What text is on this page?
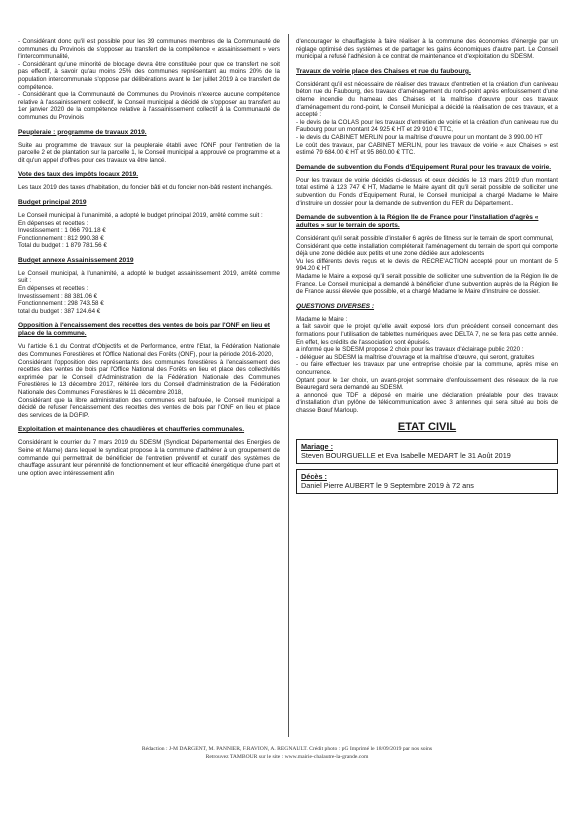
- Considérant donc qu'il est possible pour les 39 communes membres de la Communauté de communes du Provinois de s'opposer au transfert de la compétence « assainissement » vers l'intercommunalité,
- Considérant qu'une minorité de blocage devra être constituée pour que ce transfert ne soit pas effectif, à savoir qu'au moins 25% des communes représentant au moins 20% de la population intercommunale s'oppose par délibérations avant le 1er juillet 2019 à ce transfert de compétence.
- Considérant que la Communauté de Communes du Provinois n'exerce aucune compétence relative à l'assainissement collectif, le Conseil municipal a décidé de s'opposer au transfert au 1er janvier 2020 de la compétence relative à l'assainissement collectif à la Communauté de communes du Provinois

Peupleraie : programme de travaux 2019.

Suite au programme de travaux sur la peupleraie établi avec l'ONF pour l'entretien de la parcelle 2 et de plantation sur la parcelle 1, le Conseil municipal a approuvé ce programme et a dit qu'un appel d'offres pour ces travaux va être lancé.

Vote des taux des impôts locaux 2019.

Les taux 2019 des taxes d'habitation, du foncier bâti et du foncier non-bâti restent inchangés.

Budget principal 2019

Le Conseil municipal à l'unanimité, a adopté le budget principal 2019, arrêté comme suit :
En dépenses et recettes :
Investissement : 1 066 791.18 €
Fonctionnement : 812 990.38 €
Total du budget : 1 879 781.56 €

Budget annexe Assainissement 2019

Le Conseil municipal, à l'unanimité, a adopté le budget assainissement 2019, arrêté comme suit :
En dépenses et recettes :
Investissement : 88 381.06 €
Fonctionnement : 298 743.58 €
total du budget : 387 124.64 €

Opposition à l'encaissement des recettes des ventes de bois par l'ONF en lieu et place de la commune.

Vu l'article 6.1 du Contrat d'Objectifs et de Performance, entre l'Etat, la Fédération Nationale des Communes Forestières et l'Office National des Forêts (ONF), pour la période 2016-2020,
Considérant l'opposition des représentants des communes forestières à l'encaissement des recettes des ventes de bois par l'Office National des Forêts en lieu et place des collectivités exprimée par le Conseil d'Administration de la Fédération Nationale des Communes Forestières le 13 décembre 2017, réitérée lors du Conseil d'administration de la Fédération Nationale des Communes Forestières le 11 décembre 2018,
Considérant que la libre administration des communes est bafouée, le Conseil municipal a décidé de refuser l'encaissement des recettes des ventes de bois par l'ONF en lieu et place des services de la DGFIP.

Exploitation et maintenance des chaudières et chaufferies communales.

Considérant le courrier du 7 mars 2019 du SDESM (Syndicat Départemental des Energies de Seine et Marne) dans lequel le syndicat propose à la commune d'adhérer à un groupement de commande qui permettrait de bénéficier de l'entretien préventif et curatif des systèmes de chauffage assurant leur pérennité de fonctionnement et leur efficacité énergétique d'une part et une option avec intéressement afin

d'encourager le chauffagiste à faire réaliser à la commune des économies d'énergie par un réglage optimisé des systèmes et de partager les gains économiques d'autre part. Le Conseil municipal a refusé l'adhésion à ce contrat de maintenance et d'exploitation du SDESM.

Travaux de voirie place des Chaises et rue du faubourg.

Considérant qu'il est nécessaire de réaliser des travaux d'entretien et la création d'un caniveau béton rue du Faubourg, des travaux d'aménagement du rond-point après enfouissement d'une citerne incendie du hameau des Chaises et la maîtrise d'œuvre pour ces travaux d'aménagement du rond-point, le Conseil Municipal a décidé la réalisation de ces travaux, et a accepté :
- le devis de la COLAS pour les travaux d'entretien de voirie et la création d'un caniveau rue du Faubourg pour un montant 24 925 € HT et 29 910 € TTC,
- le devis du CABINET MERLIN pour la maîtrise d'œuvre pour un montant de 3 990.00 HT
Le coût des travaux, par CABINET MERLIN, pour les travaux de voirie « aux Chaises » est estimé 79 684.00 € HT et 95 860.00 € TTC.

Demande de subvention du Fonds d'Equipement Rural pour les travaux de voirie.

Pour les travaux de voirie décidés ci-dessus et ceux décidés le 13 mars 2019 d'un montant total estimé à 123 747 € HT, Madame le Maire ayant dit qu'il serait possible de solliciter une subvention du Fonds d'Equipement Rural, le Conseil municipal a chargé Madame le Maire d'instruire un dossier pour la demande de subvention du FER du Département..

Demande de subvention à la Région Ile de France pour l'installation d'agrès « adultes » sur le terrain de sports.

Considérant qu'il serait possible d'installer 6 agrès de fitness sur le terrain de sport communal,
Considérant que cette installation compléterait l'aménagement du terrain de sport qui comporte déjà une zone dédiée aux petits et une zone dédiée aux adolescents
Vu les différents devis reçus et le devis de RECRE'ACTION accepté pour un montant de 5 994.20 € HT
Madame le Maire a exposé qu'il serait possible de solliciter une subvention de la Région Ile de France. Le Conseil municipal a demandé à bénéficier d'une subvention auprès de la Région Ile de France aussi élevée que possible, et a chargé Madame le Maire d'instruire ce dossier.

QUESTIONS DIVERSES :

Madame le Maire :
a fait savoir que le projet qu'elle avait exposé lors d'un précédent conseil concernant des formations pour l'utilisation de tablettes numériques avec DELTA 7, ne se fera pas cette année. En effet, les crédits de l'association sont épuisés.
a informé que le SDESM propose 2 choix pour les travaux d'éclairage public 2020 :
- déléguer au SDESM la maîtrise d'ouvrage et la maîtrise d'œuvre, qui seront, gratuites
- ou faire effectuer les travaux par une entreprise choisie par la commune, après mise en concurrence.
Optant pour le 1er choix, un avant-projet sommaire d'enfouissement des réseaux de la rue Beauregard sera demandé au SDESM.
a annoncé que TDF a déposé en mairie une déclaration préalable pour des travaux d'installation d'un pylône de télécommunication avec 3 antennes qui sera situé au bois de chasse Bœuf Marloup.

ETAT CIVIL
Mariage :
Steven BOURGUELLE et Eva Isabelle MEDART le 31 Août 2019
Décès :
Daniel Pierre AUBERT le 9 Septembre 2019 à 72 ans
Rédaction : J-M DARGENT, M. PANNIER, F.RAVION, A. REGNAULT. Crédit photo : pG Imprimé le 18/09/2019 par nos soins
Retrouvez TAMBOUR sur le site : www.mairie-chalautre-la-grande.com
